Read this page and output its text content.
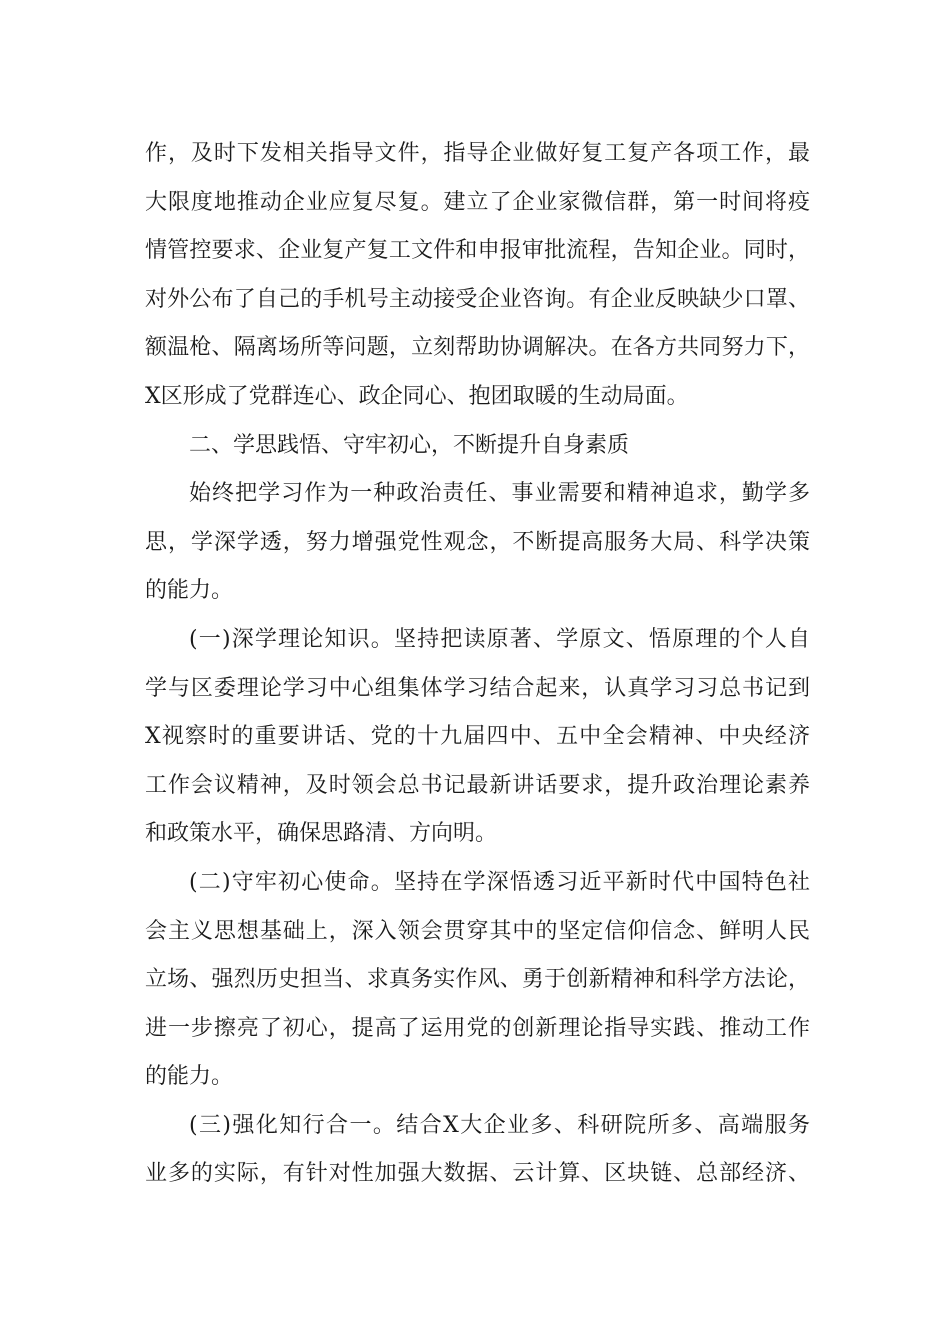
作，及时下发相关指导文件，指导企业做好复工复产各项工作，最
大限度地推动企业应复尽复。建立了企业家微信群，第一时间将疫
情管控要求、企业复产复工文件和申报审批流程，告知企业。同时，
对外公布了自己的手机号主动接受企业咨询。有企业反映缺少口罩、
额温枪、隔离场所等问题，立刻帮助协调解决。在各方共同努力下，
X区形成了党群连心、政企同心、抱团取暖的生动局面。
二、学思践悟、守牢初心，不断提升自身素质
始终把学习作为一种政治责任、事业需要和精神追求，勤学多
思，学深学透，努力增强党性观念，不断提高服务大局、科学决策
的能力。
(一)深学理论知识。坚持把读原著、学原文、悟原理的个人自
学与区委理论学习中心组集体学习结合起来，认真学习习总书记到
X视察时的重要讲话、党的十九届四中、五中全会精神、中央经济
工作会议精神，及时领会总书记最新讲话要求，提升政治理论素养
和政策水平，确保思路清、方向明。
(二)守牢初心使命。坚持在学深悟透习近平新时代中国特色社
会主义思想基础上，深入领会贯穿其中的坚定信仰信念、鲜明人民
立场、强烈历史担当、求真务实作风、勇于创新精神和科学方法论，
进一步擦亮了初心，提高了运用党的创新理论指导实践、推动工作
的能力。
(三)强化知行合一。结合X大企业多、科研院所多、高端服务
业多的实际，有针对性加强大数据、云计算、区块链、总部经济、
